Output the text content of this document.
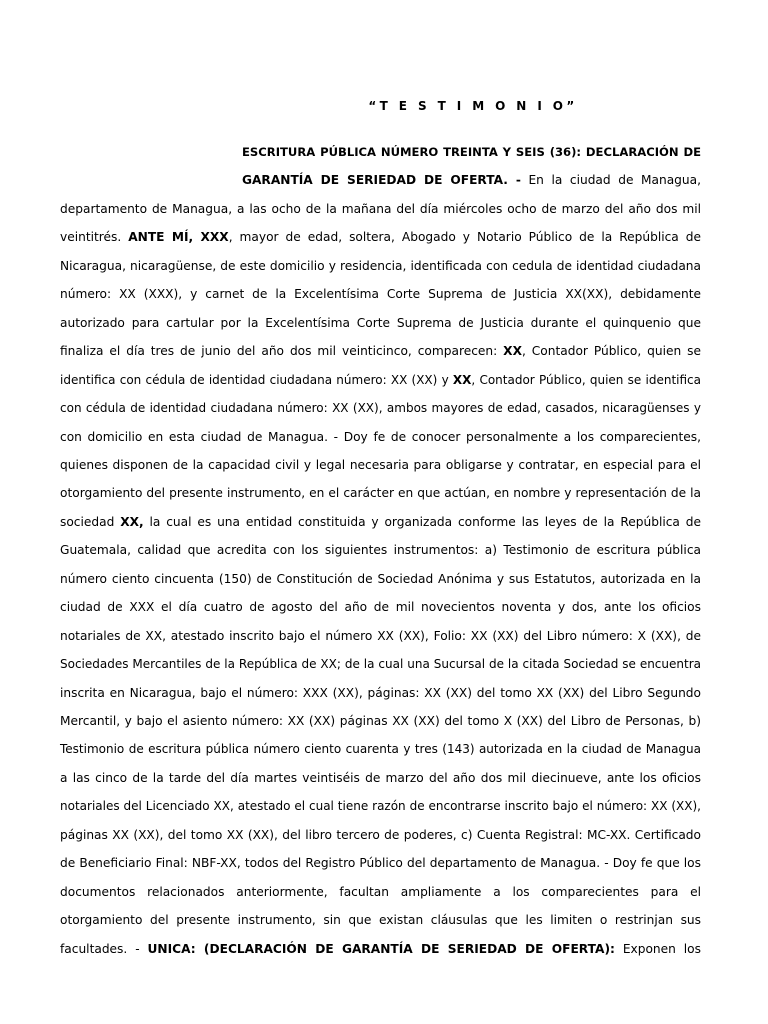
“T E S T I M O N I O”
ESCRITURA PÚBLICA NÚMERO TREINTA Y SEIS (36): DECLARACIÓN DE
GARANTÍA DE SERIEDAD DE OFERTA. - En la ciudad de Managua,
departamento de Managua, a las ocho de la mañana del día miércoles ocho de marzo del año dos mil
veintitrés. ANTE MÍ, XXX, mayor de edad, soltera, Abogado y Notario Público de la República de
Nicaragua, nicaragüense, de este domicilio y residencia, identificada con cedula de identidad ciudadana
número: XX (XXX), y carnet de la Excelentísima Corte Suprema de Justicia XX(XX), debidamente
autorizado para cartular por la Excelentísima Corte Suprema de Justicia durante el quinquenio que
finaliza el día tres de junio del año dos mil veinticinco, comparecen: XX, Contador Público, quien se
identifica con cédula de identidad ciudadana número: XX (XX) y XX, Contador Público, quien se identifica
con cédula de identidad ciudadana número: XX (XX), ambos mayores de edad, casados, nicaragüenses y
con domicilio en esta ciudad de Managua. - Doy fe de conocer personalmente a los comparecientes,
quienes disponen de la capacidad civil y legal necesaria para obligarse y contratar, en especial para el
otorgamiento del presente instrumento, en el carácter en que actúan, en nombre y representación de la
sociedad XX, la cual es una entidad constituida y organizada conforme las leyes de la República de
Guatemala, calidad que acredita con los siguientes instrumentos: a) Testimonio de escritura pública
número ciento cincuenta (150) de Constitución de Sociedad Anónima y sus Estatutos, autorizada en la
ciudad de XXX el día cuatro de agosto del año de mil novecientos noventa y dos, ante los oficios
notariales de XX, atestado inscrito bajo el número XX (XX), Folio: XX (XX) del Libro número: X (XX), de
Sociedades Mercantiles de la República de XX; de la cual una Sucursal de la citada Sociedad se encuentra
inscrita en Nicaragua, bajo el número: XXX (XX), páginas: XX (XX) del tomo XX (XX) del Libro Segundo
Mercantil, y bajo el asiento número: XX (XX) páginas XX (XX) del tomo X (XX) del Libro de Personas, b)
Testimonio de escritura pública número ciento cuarenta y tres (143) autorizada en la ciudad de Managua
a las cinco de la tarde del día martes veintiséis de marzo del año dos mil diecinueve, ante los oficios
notariales del Licenciado XX, atestado el cual tiene razón de encontrarse inscrito bajo el número: XX (XX),
páginas XX (XX), del tomo XX (XX), del libro tercero de poderes, c) Cuenta Registral: MC-XX. Certificado
de Beneficiario Final: NBF-XX, todos del Registro Público del departamento de Managua. - Doy fe que los
documentos relacionados anteriormente, facultan ampliamente a los comparecientes para el
otorgamiento del presente instrumento, sin que existan cláusulas que les limiten o restrinjan sus
facultades. - UNICA: (DECLARACIÓN DE GARANTÍA DE SERIEDAD DE OFERTA): Exponen los
